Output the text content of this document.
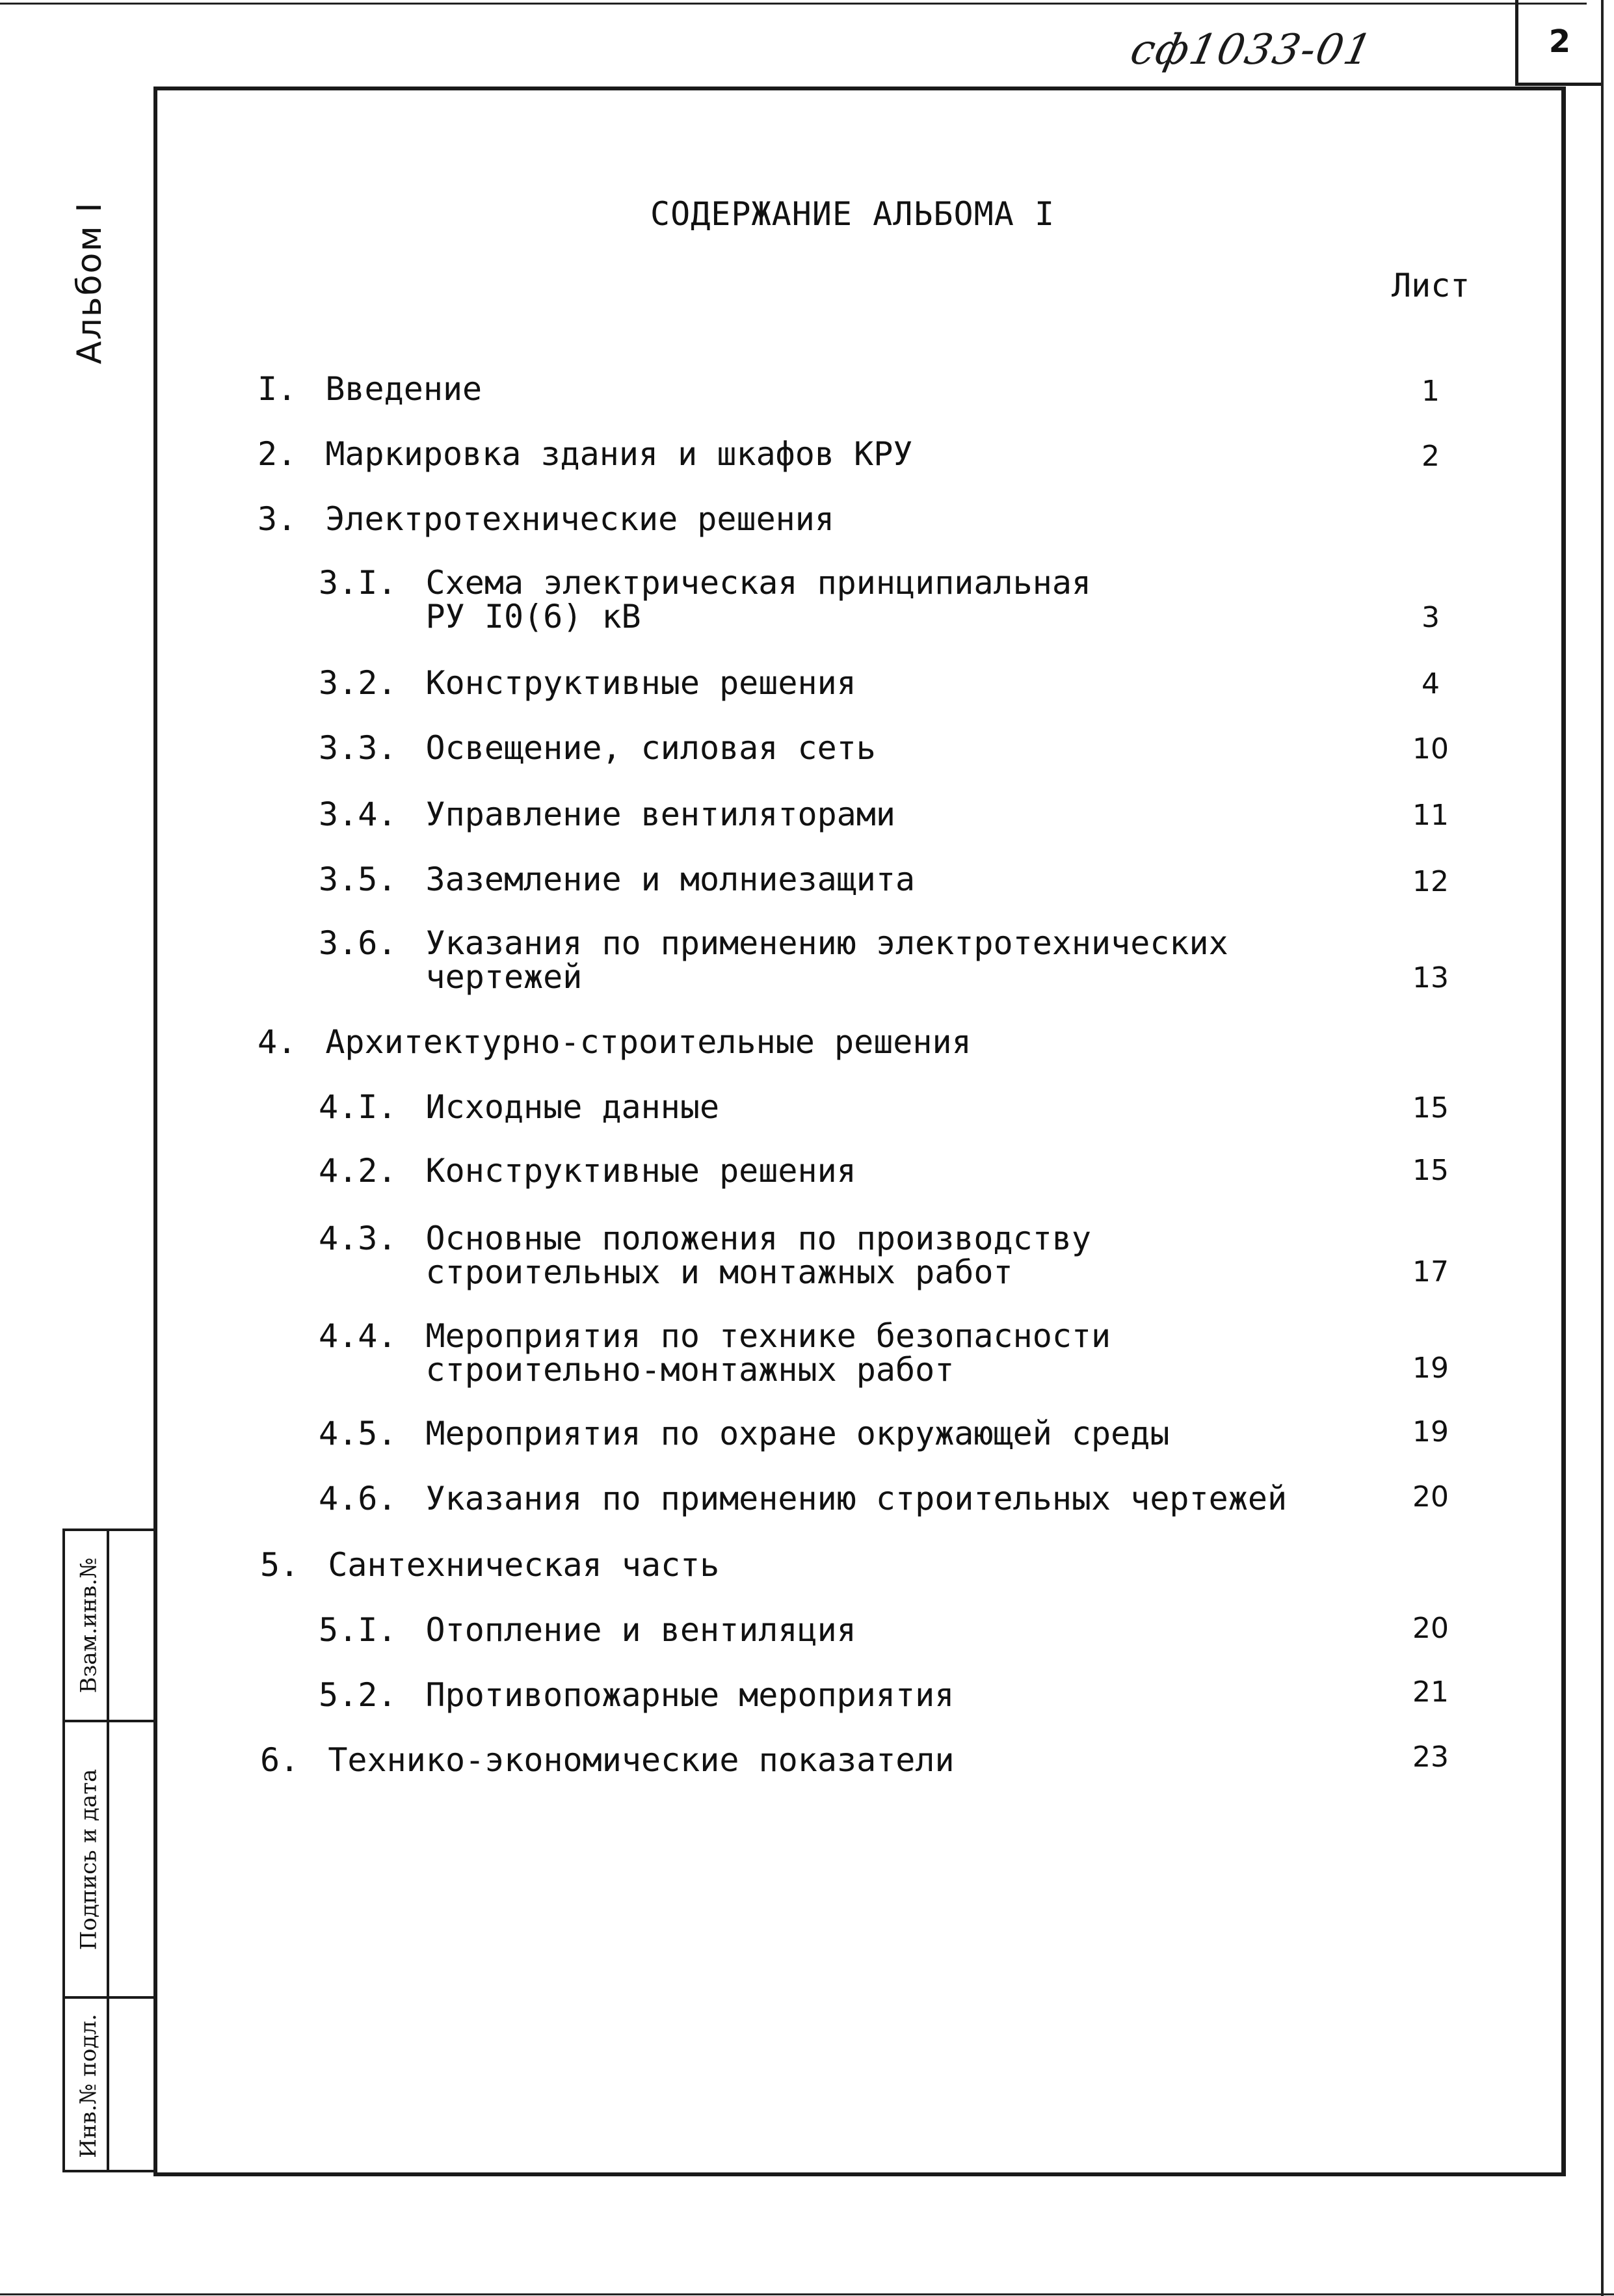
2
сф1033-01
Альбом I
Взам.инв.№
Подпись и дата
Инв.№ подл.
СОДЕРЖАНИЕ АЛЬБОМА I
Лист
I. Введение	1
2. Маркировка здания и шкафов КРУ	2
3. Электротехнические решения
3.I. Схема электрическая принципиальная
РУ I0(6) кВ	3
3.2. Конструктивные решения	4
3.3. Освещение, силовая сеть	10
3.4. Управление вентиляторами	11
3.5. Заземление и молниезащита	12
3.6. Указания по применению электротехнических
чертежей	13
4. Архитектурно-строительные решения
4.I. Исходные данные	15
4.2. Конструктивные решения	15
4.3. Основные положения по производству
строительных и монтажных работ	17
4.4. Мероприятия по технике безопасности
строительно-монтажных работ	19
4.5. Мероприятия по охране окружающей среды	19
4.6. Указания по применению строительных чертежей	20
5. Сантехническая часть
5.I. Отопление и вентиляция	20
5.2. Противопожарные мероприятия	21
6. Технико-экономические показатели	23
